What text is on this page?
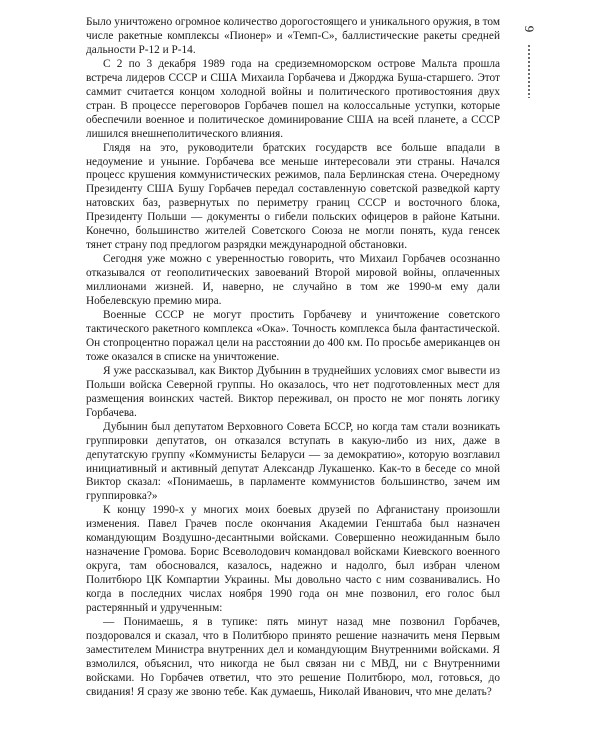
Было уничтожено огромное количество дорогостоящего и уникального оружия, в том числе ракетные комплексы «Пионер» и «Темп-С», баллистические ракеты средней дальности Р-12 и Р-14.

С 2 по 3 декабря 1989 года на средиземноморском острове Мальта прошла встреча лидеров СССР и США Михаила Горбачева и Джорджа Буша-старшего. Этот саммит считается концом холодной войны и политического противостояния двух стран. В процессе переговоров Горбачев пошел на колоссальные уступки, которые обеспечили военное и политическое доминирование США на всей планете, а СССР лишился внешнеполитического влияния.

Глядя на это, руководители братских государств все больше впадали в недоумение и уныние. Горбачева все меньше интересовали эти страны. Начался процесс крушения коммунистических режимов, пала Берлинская стена. Очередному Президенту США Бушу Горбачев передал составленную советской разведкой карту натовских баз, развернутых по периметру границ СССР и восточного блока, Президенту Польши — документы о гибели польских офицеров в районе Катыни. Конечно, большинство жителей Советского Союза не могли понять, куда генсек тянет страну под предлогом разрядки международной обстановки.

Сегодня уже можно с уверенностью говорить, что Михаил Горбачев осознанно отказывался от геополитических завоеваний Второй мировой войны, оплаченных миллионами жизней. И, наверно, не случайно в том же 1990-м ему дали Нобелевскую премию мира.

Военные СССР не могут простить Горбачеву и уничтожение советского тактического ракетного комплекса «Ока». Точность комплекса была фантастической. Он стопроцентно поражал цели на расстоянии до 400 км. По просьбе американцев он тоже оказался в списке на уничтожение.

Я уже рассказывал, как Виктор Дубынин в труднейших условиях смог вывести из Польши войска Северной группы. Но оказалось, что нет подготовленных мест для размещения воинских частей. Виктор переживал, он просто не мог понять логику Горбачева.

Дубынин был депутатом Верховного Совета БССР, но когда там стали возникать группировки депутатов, он отказался вступать в какую-либо из них, даже в депутатскую группу «Коммунисты Беларуси — за демократию», которую возглавил инициативный и активный депутат Александр Лукашенко. Как-то в беседе со мной Виктор сказал: «Понимаешь, в парламенте коммунистов большинство, зачем им группировка?»

К концу 1990-х у многих моих боевых друзей по Афганистану произошли изменения. Павел Грачев после окончания Академии Генштаба был назначен командующим Воздушно-десантными войсками. Совершенно неожиданным было назначение Громова. Борис Всеволодович командовал войсками Киевского военного округа, там обосновался, казалось, надежно и надолго, был избран членом Политбюро ЦК Компартии Украины. Мы довольно часто с ним созванивались. Но когда в последних числах ноября 1990 года он мне позвонил, его голос был растерянный и удрученным:

— Понимаешь, я в тупике: пять минут назад мне позвонил Горбачев, поздоровался и сказал, что в Политбюро принято решение назначить меня Первым заместителем Министра внутренних дел и командующим Внутренними войсками. Я взмолился, объяснил, что никогда не был связан ни с МВД, ни с Внутренними войсками. Но Горбачев ответил, что это решение Политбюро, мол, готовься, до свидания! Я сразу же звоню тебе. Как думаешь, Николай Иванович, что мне делать?

9
